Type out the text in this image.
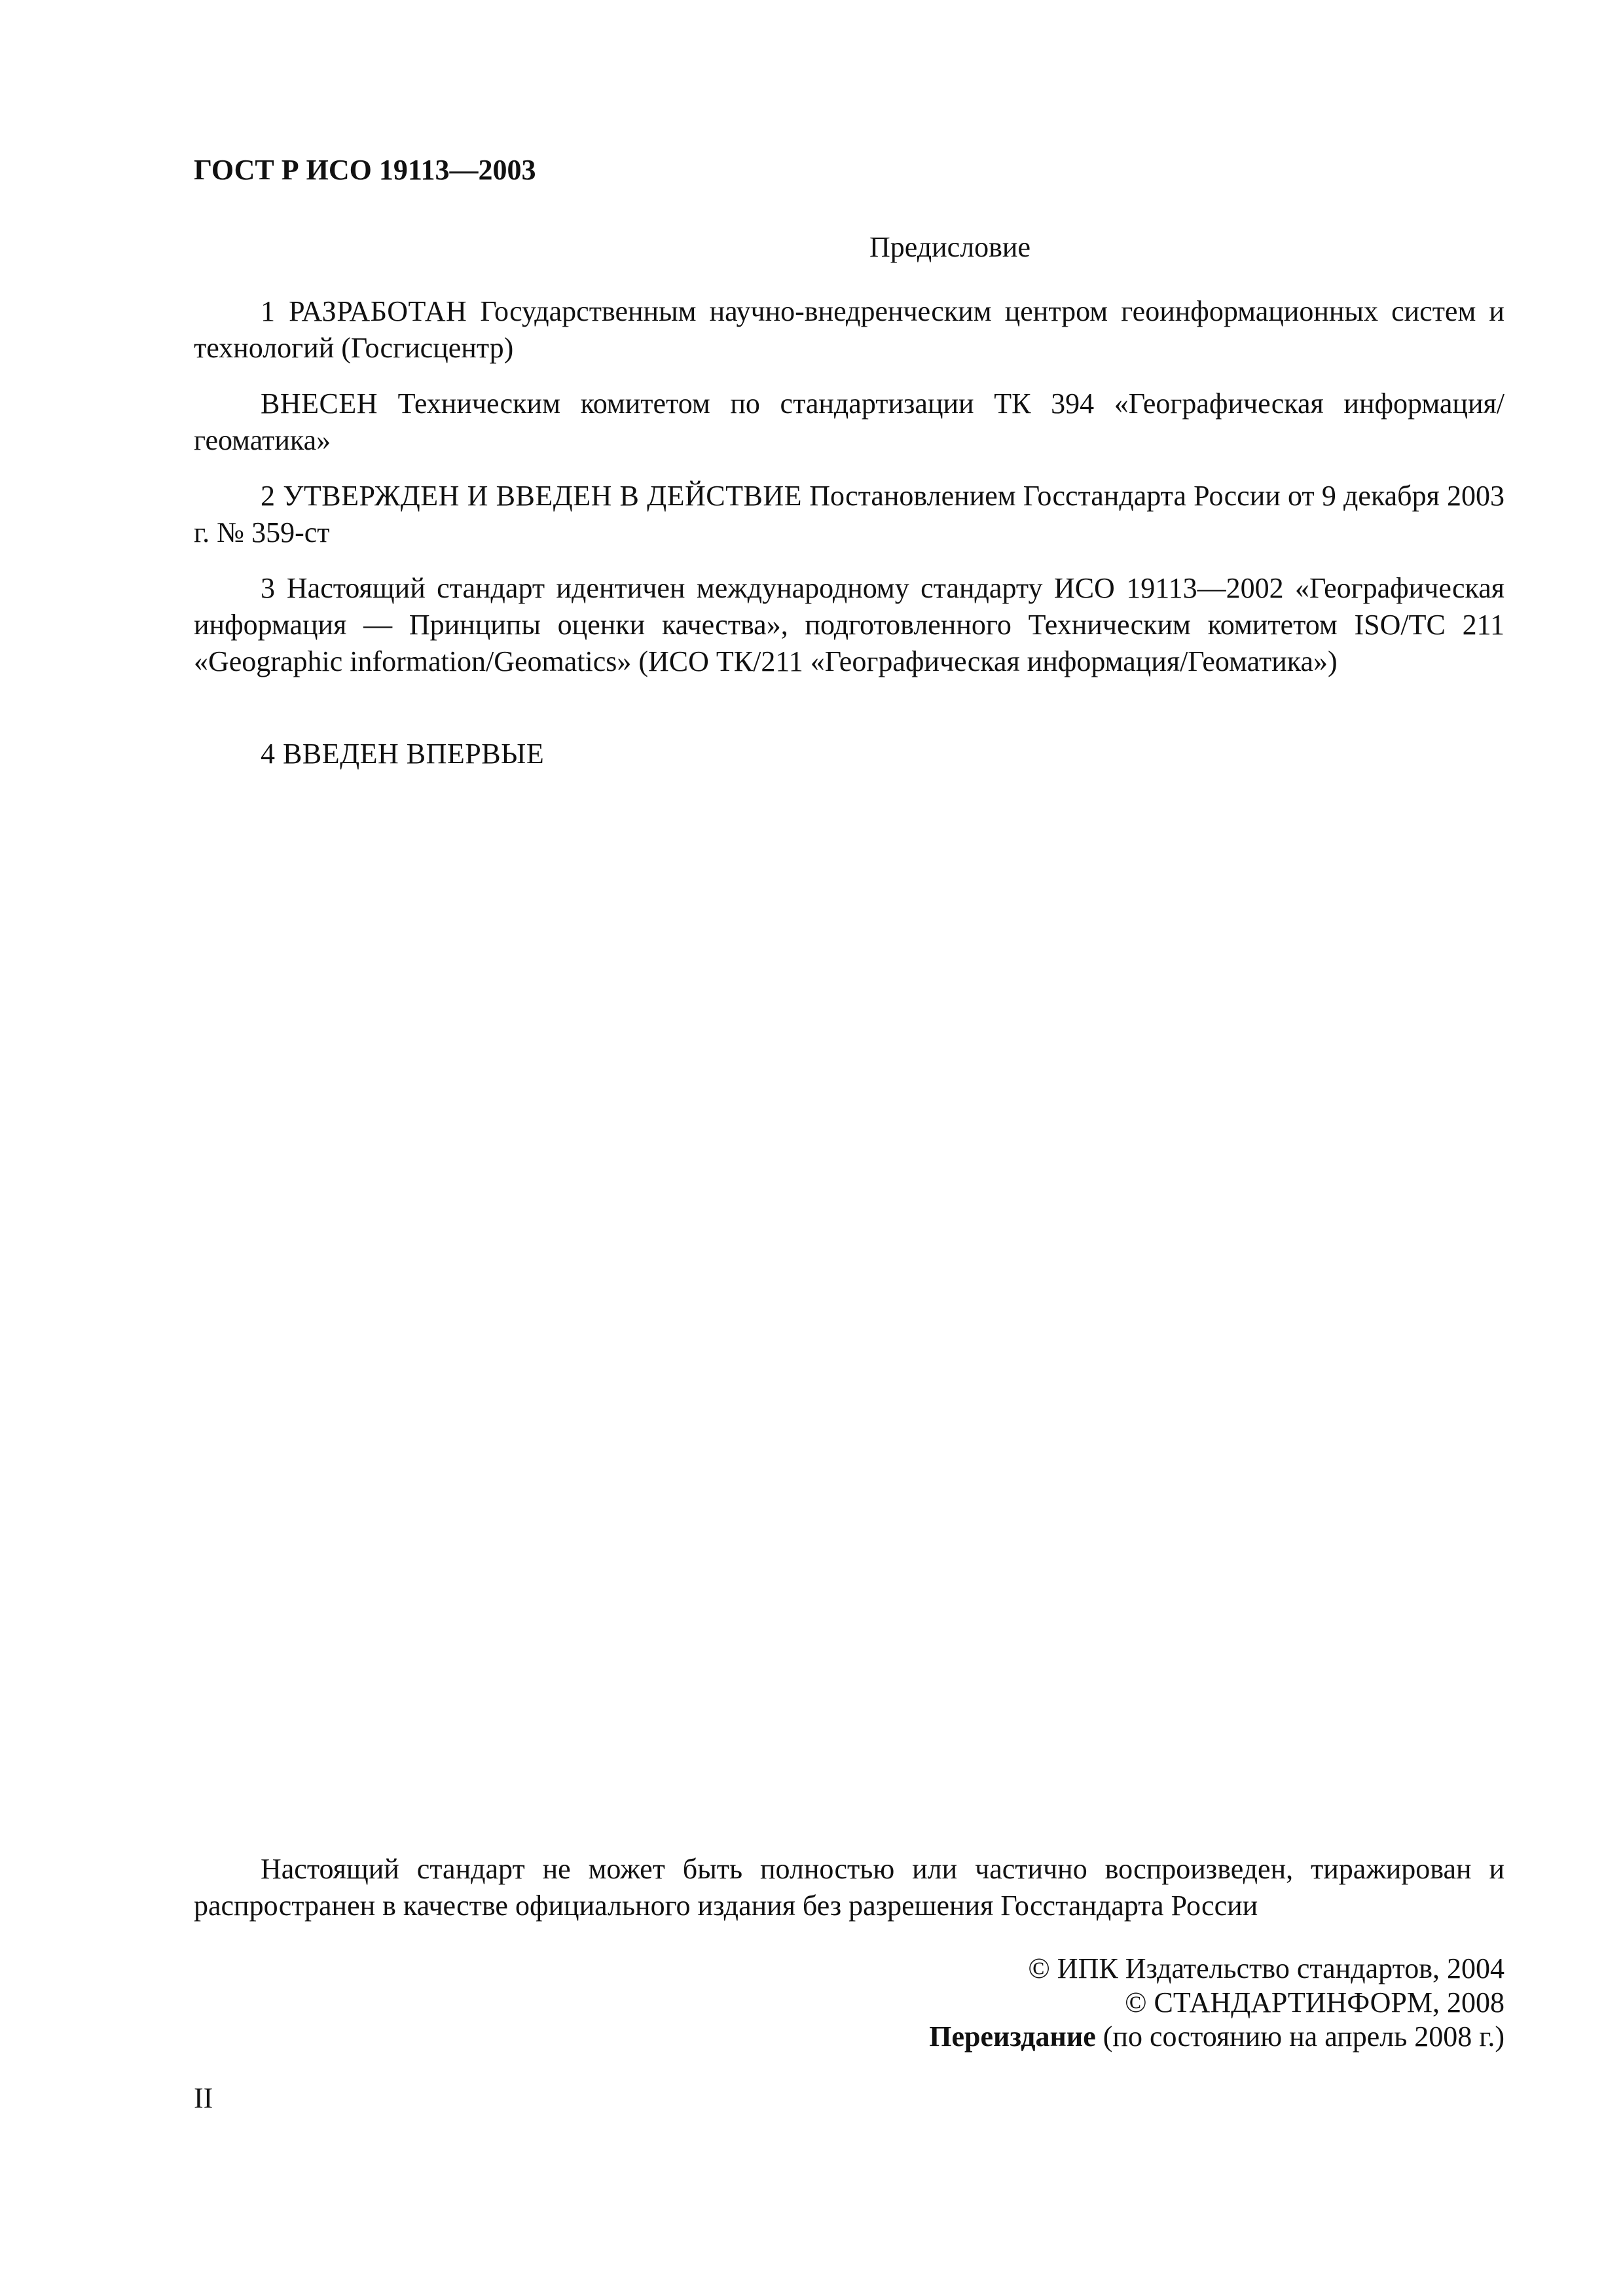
ГОСТ Р ИСО 19113—2003
Предисловие
1 РАЗРАБОТАН Государственным научно-внедренческим центром геоинформационных систем и технологий (Госгисцентр)
ВНЕСЕН Техническим комитетом по стандартизации ТК 394 «Географическая информация/геоматика»
2 УТВЕРЖДЕН И ВВЕДЕН В ДЕЙСТВИЕ Постановлением Госстандарта России от 9 декабря 2003 г. № 359-ст
3 Настоящий стандарт идентичен международному стандарту ИСО 19113—2002 «Географическая информация — Принципы оценки качества», подготовленного Техническим комитетом ISO/TC 211 «Geographic information/Geomatics» (ИСО ТК/211 «Географическая информация/Геоматика»)
4 ВВЕДЕН ВПЕРВЫЕ
Настоящий стандарт не может быть полностью или частично воспроизведен, тиражирован и распространен в качестве официального издания без разрешения Госстандарта России
© ИПК Издательство стандартов, 2004
© СТАНДАРТИНФОРМ, 2008
Переиздание (по состоянию на апрель 2008 г.)
II
